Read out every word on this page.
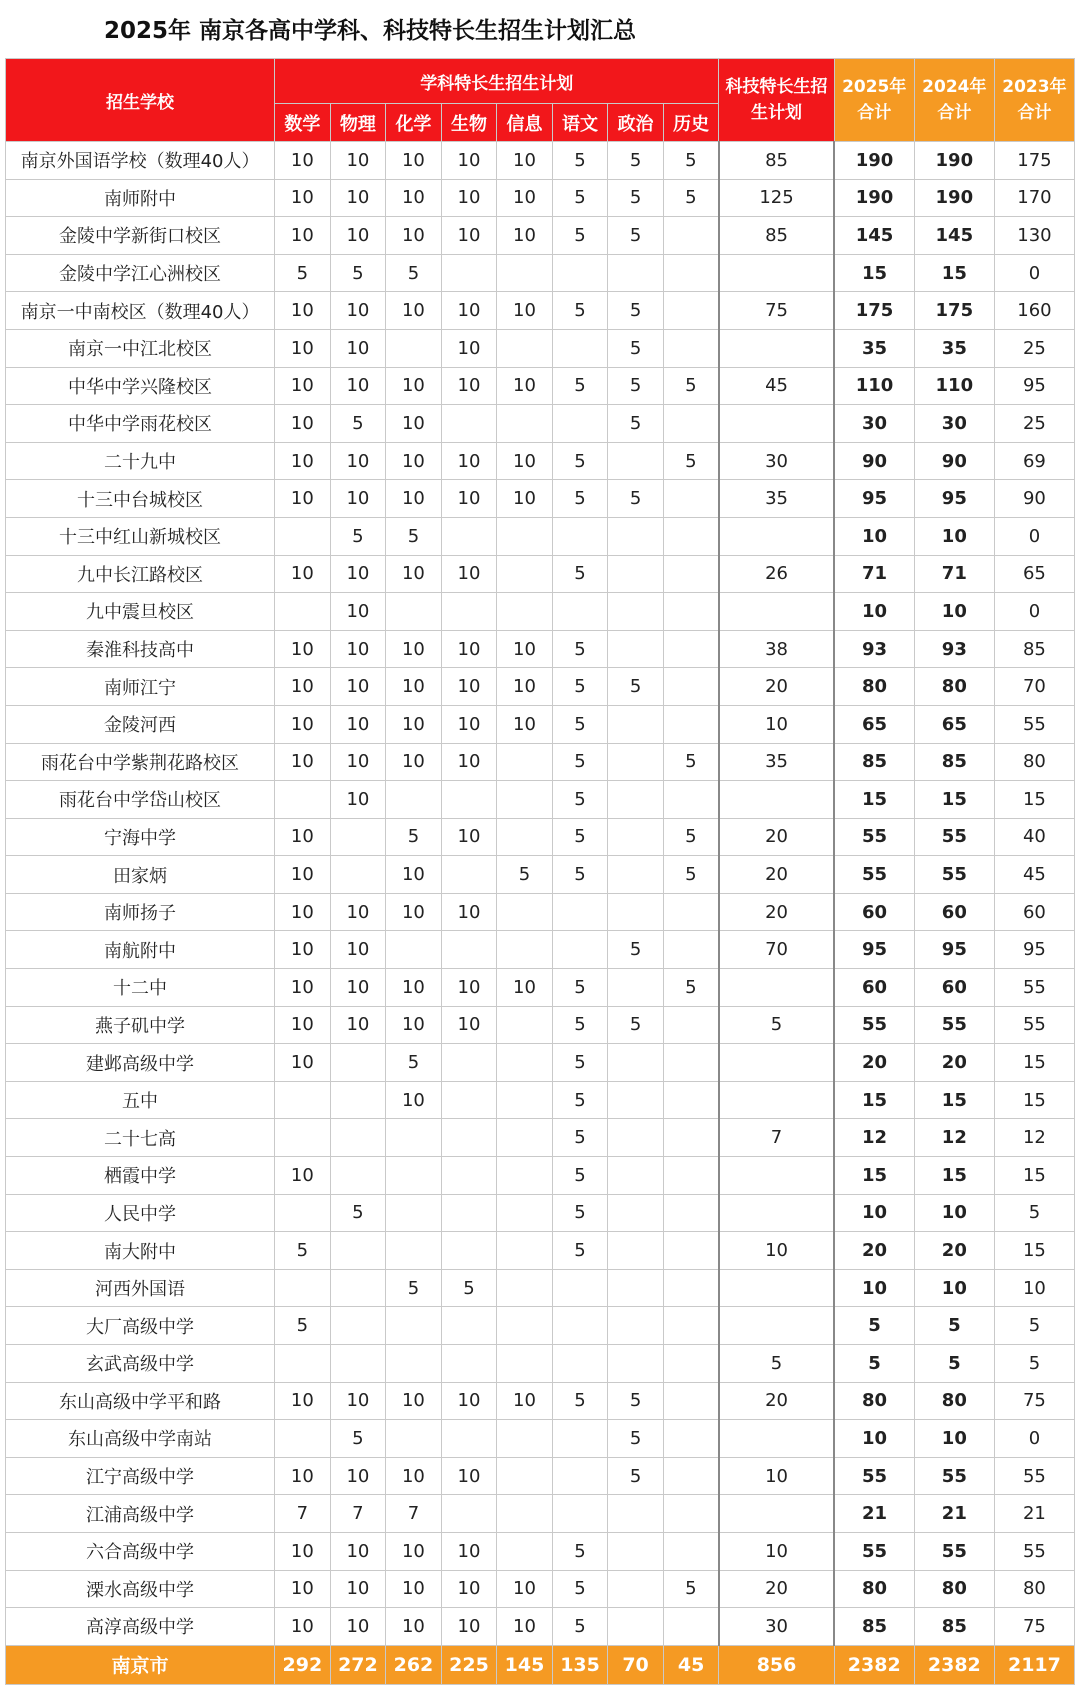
2025年 南京各高中学科、科技特长生招生计划汇总
招生学校	学科特长生招生计划								科技特长生招生计划	2025年合计	2024年合计	2023年合计
	数学	物理	化学	生物	信息	语文	政治	历史				
南京外国语学校（数理40人）	10	10	10	10	10	5	5	5	85	190	190	175
南师附中	10	10	10	10	10	5	5	5	125	190	190	170
金陵中学新街口校区	10	10	10	10	10	5	5		85	145	145	130
金陵中学江心洲校区	5	5	5							15	15	0
南京一中南校区（数理40人）	10	10	10	10	10	5	5		75	175	175	160
南京一中江北校区	10	10		10			5			35	35	25
中华中学兴隆校区	10	10	10	10	10	5	5	5	45	110	110	95
中华中学雨花校区	10	5	10				5			30	30	25
二十九中	10	10	10	10	10	5		5	30	90	90	69
十三中台城校区	10	10	10	10	10	5	5		35	95	95	90
十三中红山新城校区		5	5							10	10	0
九中长江路校区	10	10	10	10		5			26	71	71	65
九中震旦校区		10								10	10	0
秦淮科技高中	10	10	10	10	10	5			38	93	93	85
南师江宁	10	10	10	10	10	5	5		20	80	80	70
金陵河西	10	10	10	10	10	5			10	65	65	55
雨花台中学紫荆花路校区	10	10	10	10		5		5	35	85	85	80
雨花台中学岱山校区		10				5				15	15	15
宁海中学	10		5	10		5		5	20	55	55	40
田家炳	10		10		5	5		5	20	55	55	45
南师扬子	10	10	10	10					20	60	60	60
南航附中	10	10					5		70	95	95	95
十二中	10	10	10	10	10	5		5		60	60	55
燕子矶中学	10	10	10	10		5	5		5	55	55	55
建邺高级中学	10		5			5				20	20	15
五中			10			5				15	15	15
二十七高						5			7	12	12	12
栖霞中学	10					5				15	15	15
人民中学		5				5				10	10	5
南大附中	5					5			10	20	20	15
河西外国语			5	5						10	10	10
大厂高级中学	5									5	5	5
玄武高级中学									5	5	5	5
东山高级中学平和路	10	10	10	10	10	5	5		20	80	80	75
东山高级中学南站		5					5			10	10	0
江宁高级中学	10	10	10	10			5		10	55	55	55
江浦高级中学	7	7	7							21	21	21
六合高级中学	10	10	10	10		5			10	55	55	55
溧水高级中学	10	10	10	10	10	5		5	20	80	80	80
高淳高级中学	10	10	10	10	10	5			30	85	85	75
南京市	292	272	262	225	145	135	70	45	856	2382	2382	2117
